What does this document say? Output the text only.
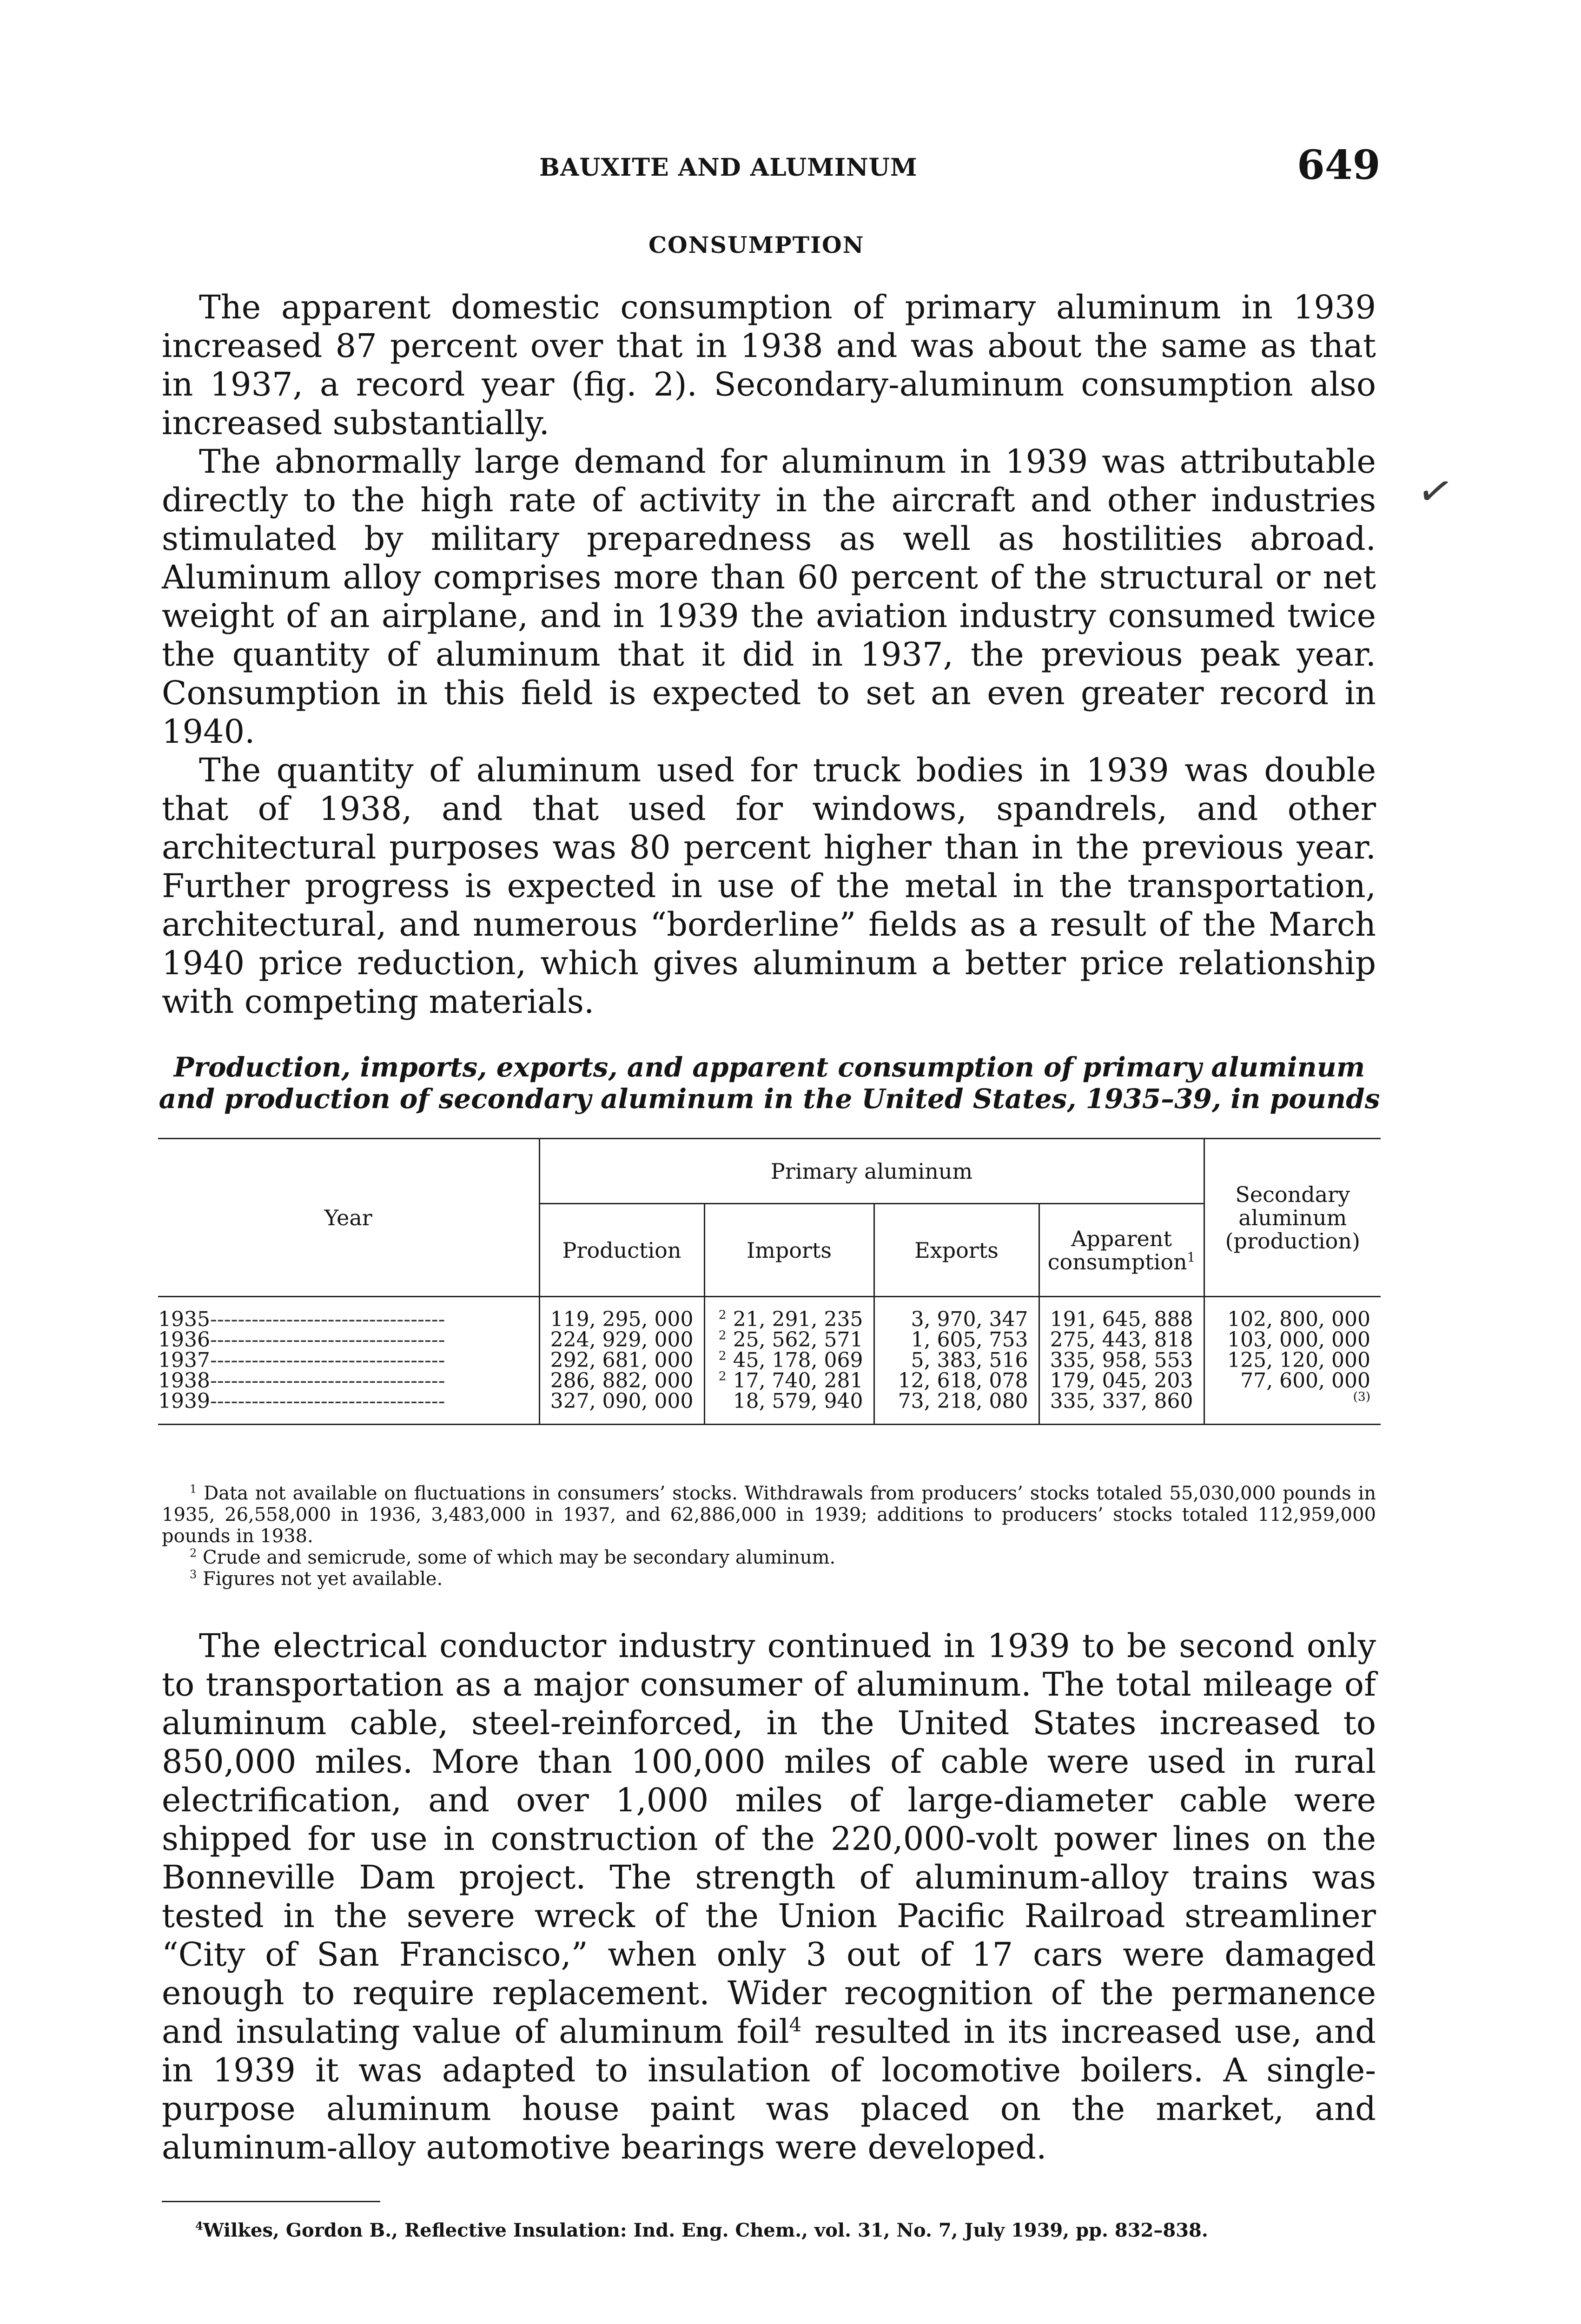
BAUXITE AND ALUMINUM	649
CONSUMPTION

The apparent domestic consumption of primary aluminum in 1939 increased 87 percent over that in 1938 and was about the same as that in 1937, a record year (fig. 2). Secondary-aluminum consumption also increased substantially.

The abnormally large demand for aluminum in 1939 was attributable directly to the high rate of activity in the aircraft and other industries stimulated by military preparedness as well as hostilities abroad. Aluminum alloy comprises more than 60 percent of the structural or net weight of an airplane, and in 1939 the aviation industry consumed twice the quantity of aluminum that it did in 1937, the previous peak year. Consumption in this field is expected to set an even greater record in 1940.

The quantity of aluminum used for truck bodies in 1939 was double that of 1938, and that used for windows, spandrels, and other architectural purposes was 80 percent higher than in the previous year. Further progress is expected in use of the metal in the transportation, architectural, and numerous “borderline” fields as a result of the March 1940 price reduction, which gives aluminum a better price relationship with competing materials.

✓
Production, imports, exports, and apparent consumption of primary aluminum and production of secondary aluminum in the United States, 1935–39, in pounds
Year	Primary aluminum				Secondary aluminum (production)
	Production	Imports	Exports	Apparent consumption$^1$

1935----------------------------------	119, 295, 000	$^2$ 21, 291, 235	3, 970, 347	191, 645, 888	102, 800, 000
1936----------------------------------	224, 929, 000	$^2$ 25, 562, 571	1, 605, 753	275, 443, 818	103, 000, 000
1937----------------------------------	292, 681, 000	$^2$ 45, 178, 069	5, 383, 516	335, 958, 553	125, 120, 000
1938----------------------------------	286, 882, 000	$^2$ 17, 740, 281	12, 618, 078	179, 045, 203	77, 600, 000
1939----------------------------------	327, 090, 000	18, 579, 940	73, 218, 080	335, 337, 860	$^{(3)}$

$^1$ Data not available on fluctuations in consumers’ stocks. Withdrawals from producers’ stocks totaled 55,030,000 pounds in 1935, 26,558,000 in 1936, 3,483,000 in 1937, and 62,886,000 in 1939; additions to producers’ stocks totaled 112,959,000 pounds in 1938.

$^2$ Crude and semicrude, some of which may be secondary aluminum.

$^3$ Figures not yet available.

The electrical conductor industry continued in 1939 to be second only to transportation as a major consumer of aluminum. The total mileage of aluminum cable, steel-reinforced, in the United States increased to 850,000 miles. More than 100,000 miles of cable were used in rural electrification, and over 1,000 miles of large-diameter cable were shipped for use in construction of the 220,000-volt power lines on the Bonneville Dam project. The strength of aluminum-alloy trains was tested in the severe wreck of the Union Pacific Railroad streamliner “City of San Francisco,” when only 3 out of 17 cars were damaged enough to require replacement. Wider recognition of the permanence and insulating value of aluminum foil$^4$ resulted in its increased use, and in 1939 it was adapted to insulation of locomotive boilers. A single-purpose aluminum house paint was placed on the market, and aluminum-alloy automotive bearings were developed.

$^4$Wilkes, Gordon B., Reflective Insulation: Ind. Eng. Chem., vol. 31, No. 7, July 1939, pp. 832–838.
